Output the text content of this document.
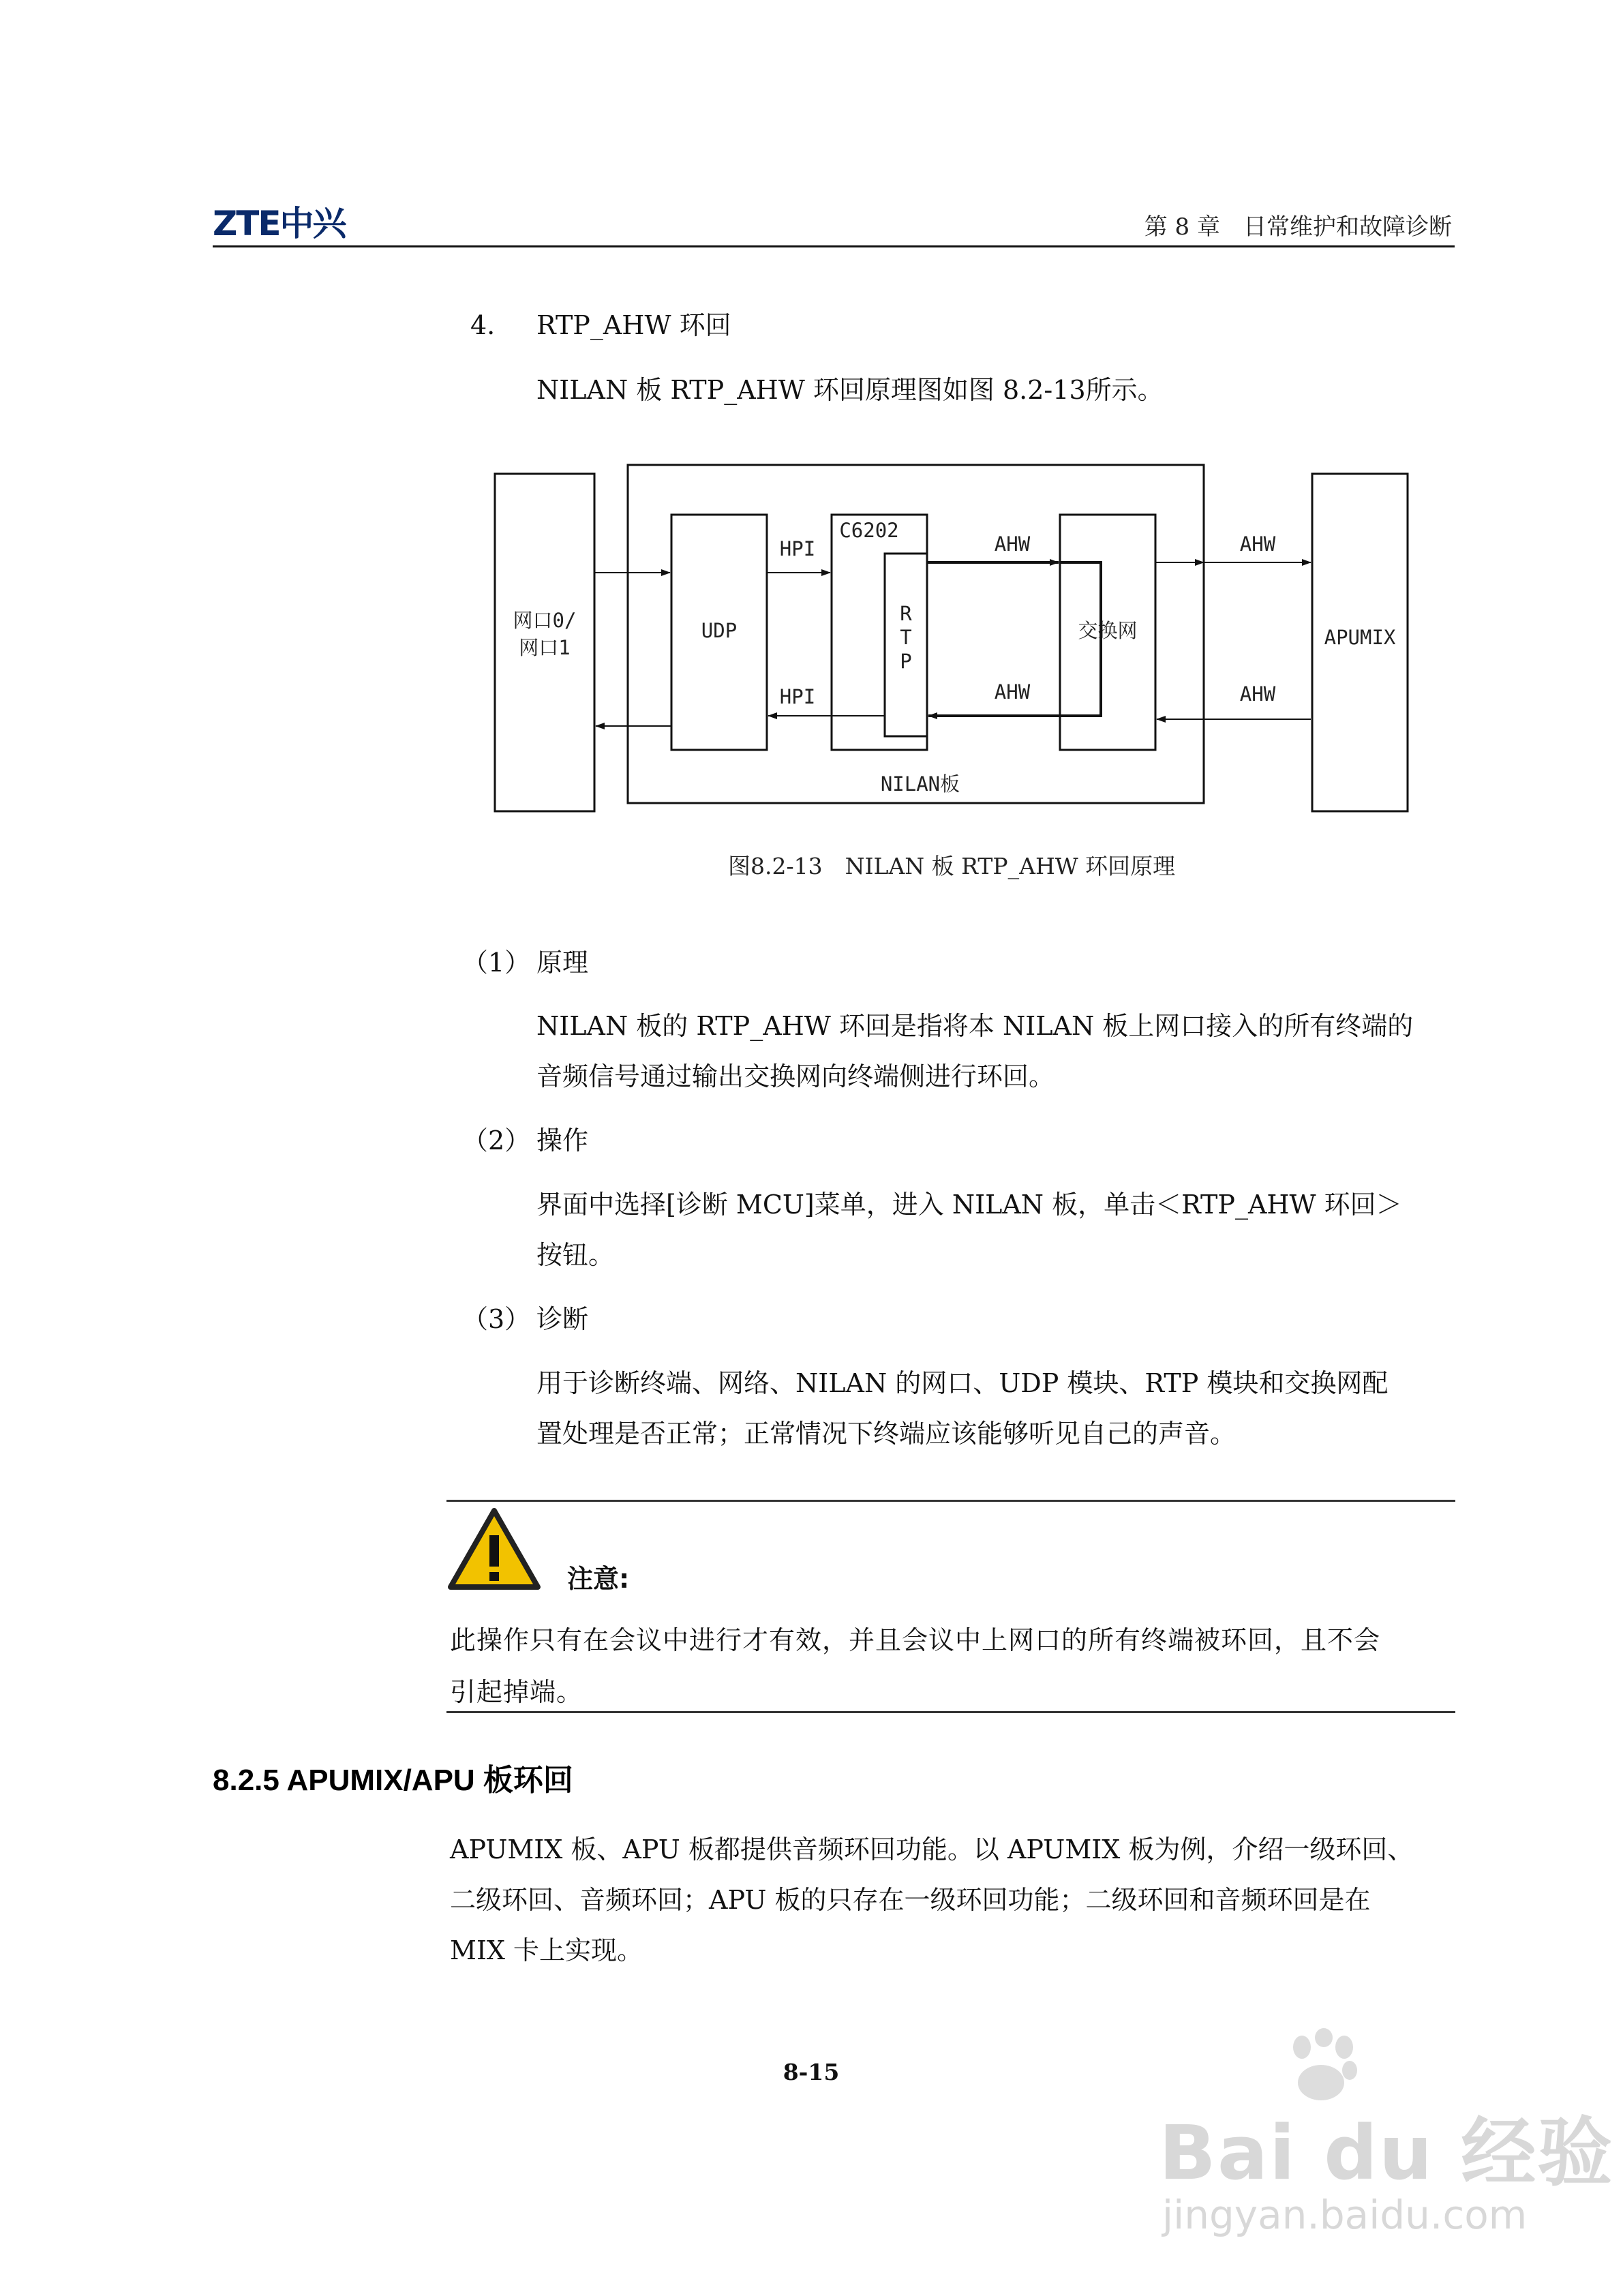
ZTE中兴	第 8 章　日常维护和故障诊断
4. RTP_AHW 环回
NILAN 板 RTP_AHW 环回原理图如图 8.2-13所示。
网口0/
网口1
UDP
C6202
R
T
P
交换网	APUMIX
NILAN板
HPI	AHW	AHW
AHW	AHW
HPI
图8.2-13　NILAN 板 RTP_AHW 环回原理
（1） 原理
NILAN 板的 RTP_AHW 环回是指将本 NILAN 板上网口接入的所有终端的
音频信号通过输出交换网向终端侧进行环回。
（2） 操作
界面中选择[诊断 MCU]菜单，进入 NILAN 板，单击＜RTP_AHW 环回＞
按钮。
（3） 诊断
用于诊断终端、网络、NILAN 的网口、UDP 模块、RTP 模块和交换网配
置处理是否正常；正常情况下终端应该能够听见自己的声音。
注意:
此操作只有在会议中进行才有效，并且会议中上网口的所有终端被环回，且不会
引起掉端。
8.2.5 APUMIX/APU 板环回
APUMIX 板、APU 板都提供音频环回功能。以 APUMIX 板为例，介绍一级环回、
二级环回、音频环回；APU 板的只存在一级环回功能；二级环回和音频环回是在
MIX 卡上实现。
8-15
Bai du 经验
jingyan.baidu.com
